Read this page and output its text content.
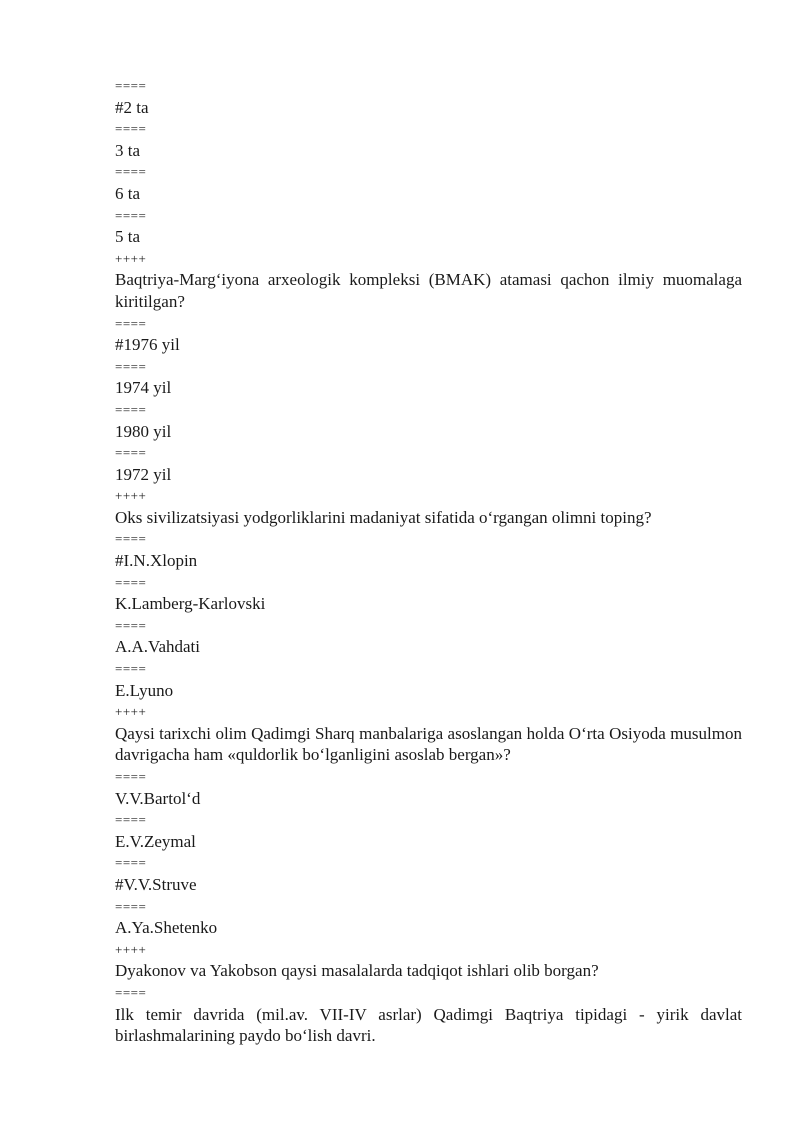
====
#2 ta
====
3 ta
====
6 ta
====
5 ta
++++
Baqtriya-Marg‘iyona arxeologik kompleksi (BMAK) atamasi qachon ilmiy muomalaga kiritilgan?
====
#1976 yil
====
1974 yil
====
1980 yil
====
1972 yil
++++
Oks sivilizatsiyasi yodgorliklarini madaniyat sifatida o‘rgangan olimni toping?
====
#I.N.Xlopin
====
K.Lamberg-Karlovski
====
A.A.Vahdati
====
E.Lyuno
++++
Qaysi tarixchi olim Qadimgi Sharq manbalariga asoslangan holda O‘rta Osiyoda musulmon davrigacha ham «quldorlik bo‘lganligini asoslab bergan»?
====
V.V.Bartol‘d
====
E.V.Zeymal
====
#V.V.Struve
====
A.Ya.Shetenko
++++
Dyakonov va Yakobson qaysi masalalarda tadqiqot ishlari olib borgan?
====
Ilk temir davrida (mil.av. VII-IV asrlar) Qadimgi Baqtriya tipidagi - yirik davlat birlashmalarining paydo bo‘lish davri.
